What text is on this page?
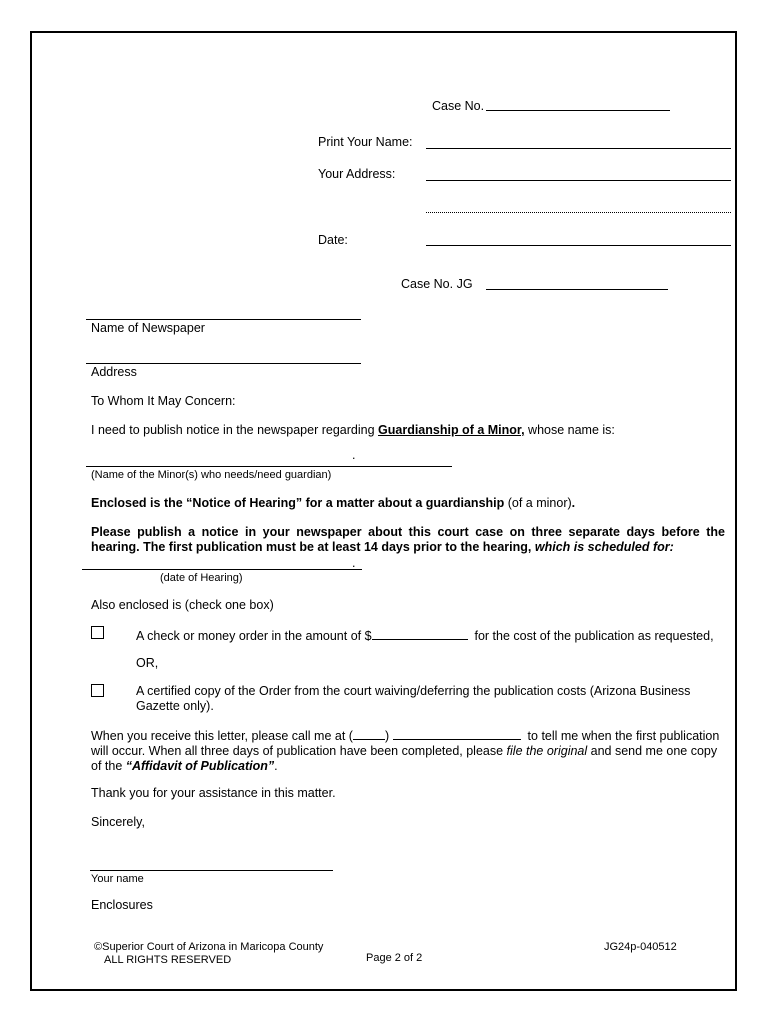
Case No.
Print Your Name:
Your Address:
Date:
Case No. JG
Name of Newspaper
Address
To Whom It May Concern:
I need to publish notice in the newspaper regarding Guardianship of a Minor, whose name is:
.
(Name of the Minor(s) who needs/need guardian)
Enclosed is the “Notice of Hearing” for a matter about a guardianship (of a minor).
Please publish a notice in your newspaper about this court case on three separate days before the hearing. The first publication must be at least 14 days prior to the hearing, which is scheduled for:
.
(date of Hearing)
Also enclosed is (check one box)
A check or money order in the amount of $	for the cost of the publication as requested,
OR,
A certified copy of the Order from the court waiving/deferring the publication costs (Arizona Business Gazette only).
When you receive this letter, please call me at (	)	to tell me when the first publication will occur. When all three days of publication have been completed, please file the original and send me one copy of the “Affidavit of Publication”.
Thank you for your assistance in this matter.
Sincerely,
Your name
Enclosures
©Superior Court of Arizona in Maricopa County
ALL RIGHTS RESERVED	Page 2 of 2
JG24p-040512
